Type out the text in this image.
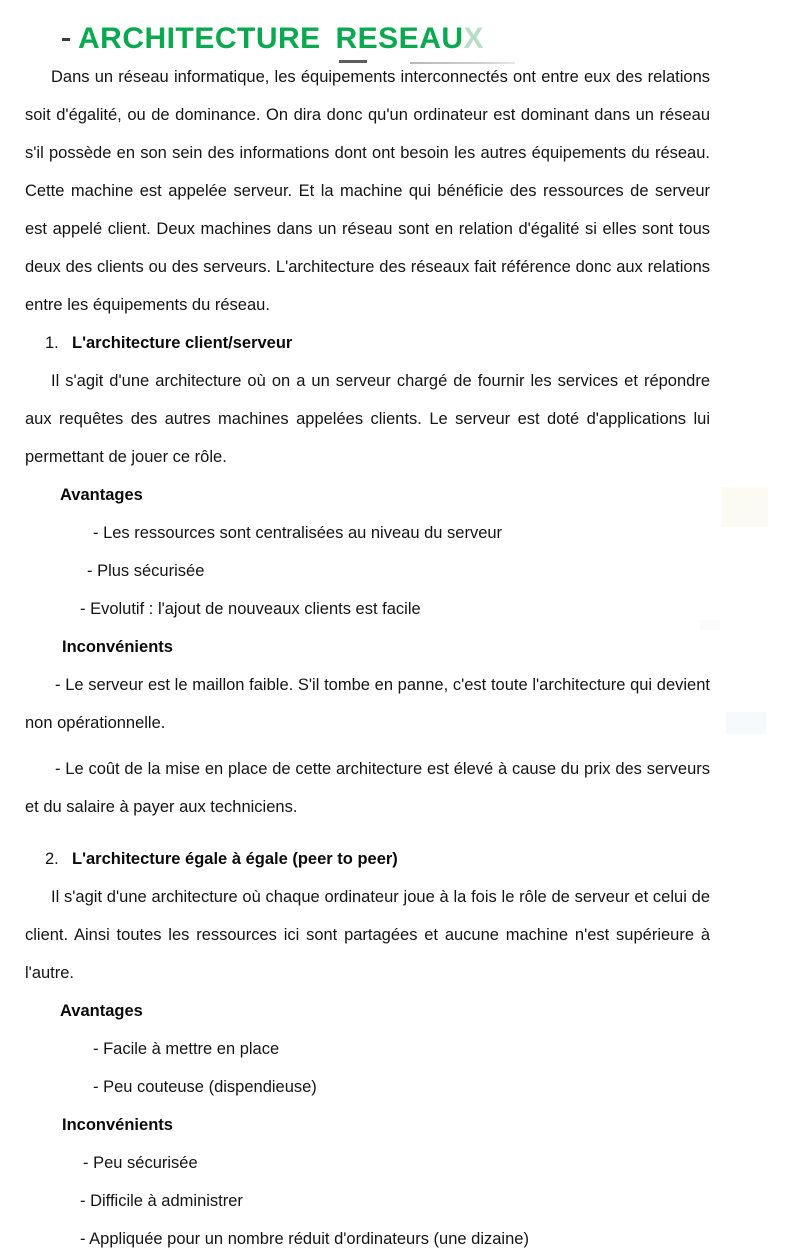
ARCHITECTURE RESEAUX

Dans un réseau informatique, les équipements interconnectés ont entre eux des relations soit d'égalité, ou de dominance. On dira donc qu'un ordinateur est dominant dans un réseau s'il possède en son sein des informations dont ont besoin les autres équipements du réseau. Cette machine est appelée serveur. Et la machine qui bénéficie des ressources de serveur est appelé client. Deux machines dans un réseau sont en relation d'égalité si elles sont tous deux des clients ou des serveurs. L'architecture des réseaux fait référence donc aux relations entre les équipements du réseau.

1. L'architecture client/serveur

Il s'agit d'une architecture où on a un serveur chargé de fournir les services et répondre aux requêtes des autres machines appelées clients. Le serveur est doté d'applications lui permettant de jouer ce rôle.

Avantages
- Les ressources sont centralisées au niveau du serveur
- Plus sécurisée
- Evolutif : l'ajout de nouveaux clients est facile
Inconvénients

- Le serveur est le maillon faible. S'il tombe en panne, c'est toute l'architecture qui devient non opérationnelle.

- Le coût de la mise en place de cette architecture est élevé à cause du prix des serveurs et du salaire à payer aux techniciens.

2. L'architecture égale à égale (peer to peer)

Il s'agit d'une architecture où chaque ordinateur joue à la fois le rôle de serveur et celui de client. Ainsi toutes les ressources ici sont partagées et aucune machine n'est supérieure à l'autre.

Avantages
- Facile à mettre en place
- Peu couteuse (dispendieuse)
Inconvénients
- Peu sécurisée
- Difficile à administrer
- Appliquée pour un nombre réduit d'ordinateurs (une dizaine)
